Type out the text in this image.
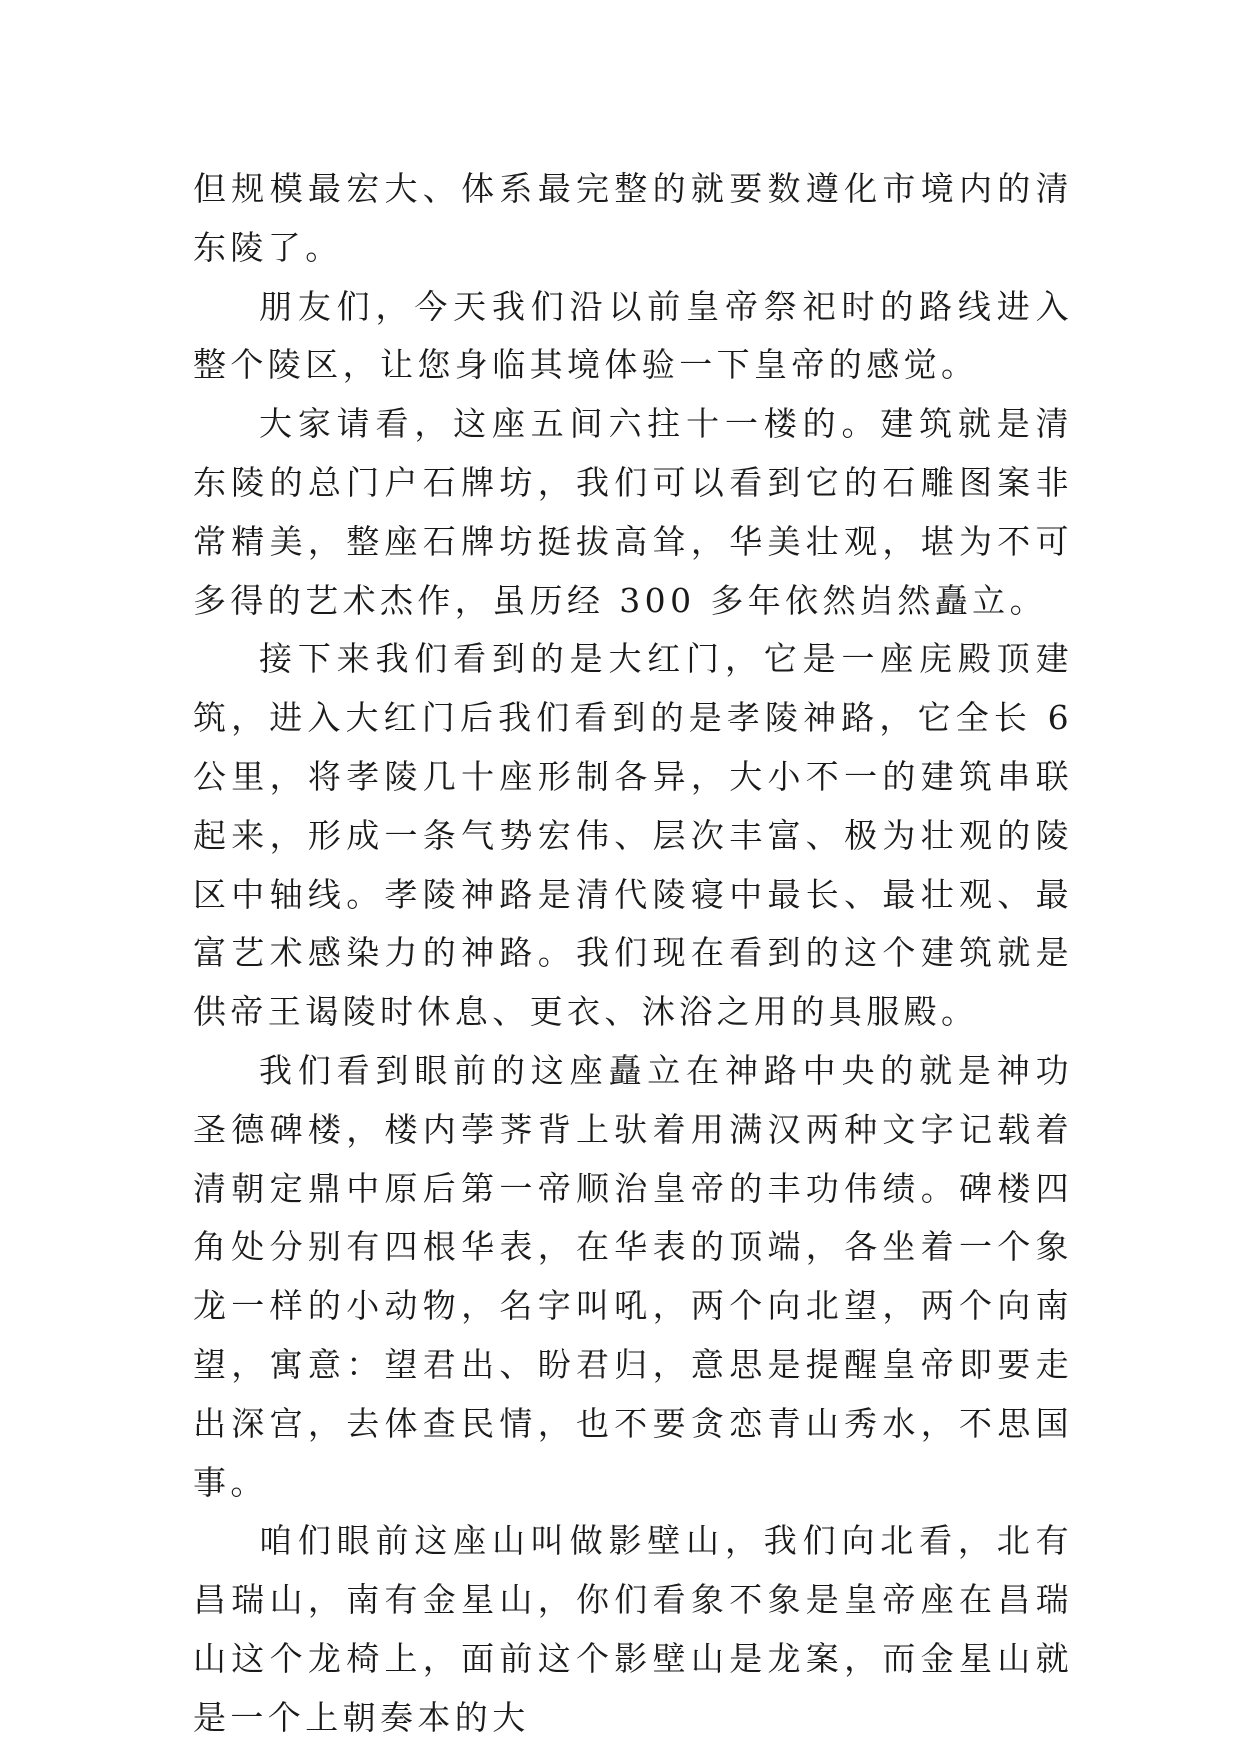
但规模最宏大、体系最完整的就要数遵化市境内的清东陵了。

朋友们，今天我们沿以前皇帝祭祀时的路线进入整个陵区，让您身临其境体验一下皇帝的感觉。

大家请看，这座五间六拄十一楼的。建筑就是清东陵的总门户石牌坊，我们可以看到它的石雕图案非常精美，整座石牌坊挺拔高耸，华美壮观，堪为不可多得的艺术杰作，虽历经 300 多年依然岿然矗立。

接下来我们看到的是大红门，它是一座庑殿顶建筑，进入大红门后我们看到的是孝陵神路，它全长 6 公里，将孝陵几十座形制各异，大小不一的建筑串联起来，形成一条气势宏伟、层次丰富、极为壮观的陵区中轴线。孝陵神路是清代陵寝中最长、最壮观、最富艺术感染力的神路。我们现在看到的这个建筑就是供帝王谒陵时休息、更衣、沐浴之用的具服殿。

我们看到眼前的这座矗立在神路中央的就是神功圣德碑楼，楼内荸荠背上驮着用满汉两种文字记载着清朝定鼎中原后第一帝顺治皇帝的丰功伟绩。碑楼四角处分别有四根华表，在华表的顶端，各坐着一个象龙一样的小动物，名字叫吼，两个向北望，两个向南望，寓意：望君出、盼君归，意思是提醒皇帝即要走出深宫，去体查民情，也不要贪恋青山秀水，不思国事。

咱们眼前这座山叫做影壁山，我们向北看，北有昌瑞山，南有金星山，你们看象不象是皇帝座在昌瑞山这个龙椅上，面前这个影壁山是龙案，而金星山就是一个上朝奏本的大
